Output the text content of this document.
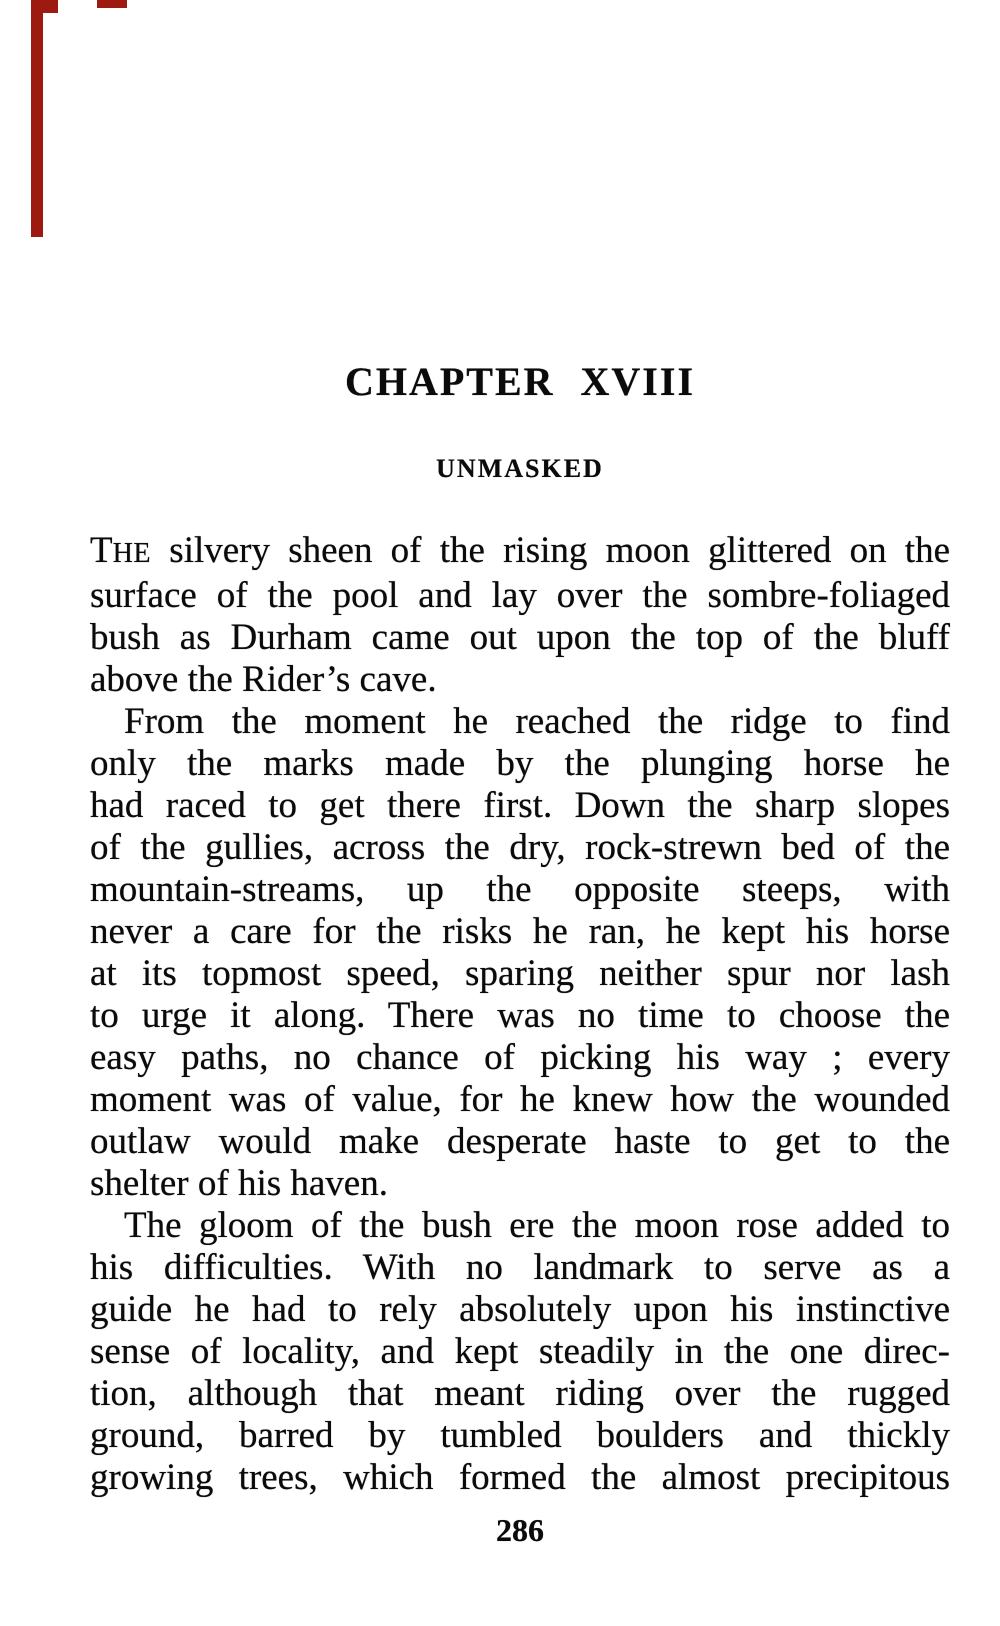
CHAPTER XVIII
UNMASKED
THE silvery sheen of the rising moon glittered on the
surface of the pool and lay over the sombre-foliaged
bush as Durham came out upon the top of the bluff
above the Rider’s cave.
From the moment he reached the ridge to find
only the marks made by the plunging horse he
had raced to get there first. Down the sharp slopes
of the gullies, across the dry, rock-strewn bed of the
mountain-streams, up the opposite steeps, with
never a care for the risks he ran, he kept his horse
at its topmost speed, sparing neither spur nor lash
to urge it along. There was no time to choose the
easy paths, no chance of picking his way ; every
moment was of value, for he knew how the wounded
outlaw would make desperate haste to get to the
shelter of his haven.
The gloom of the bush ere the moon rose added to
his difficulties. With no landmark to serve as a
guide he had to rely absolutely upon his instinctive
sense of locality, and kept steadily in the one direc-
tion, although that meant riding over the rugged
ground, barred by tumbled boulders and thickly
growing trees, which formed the almost precipitous
286
